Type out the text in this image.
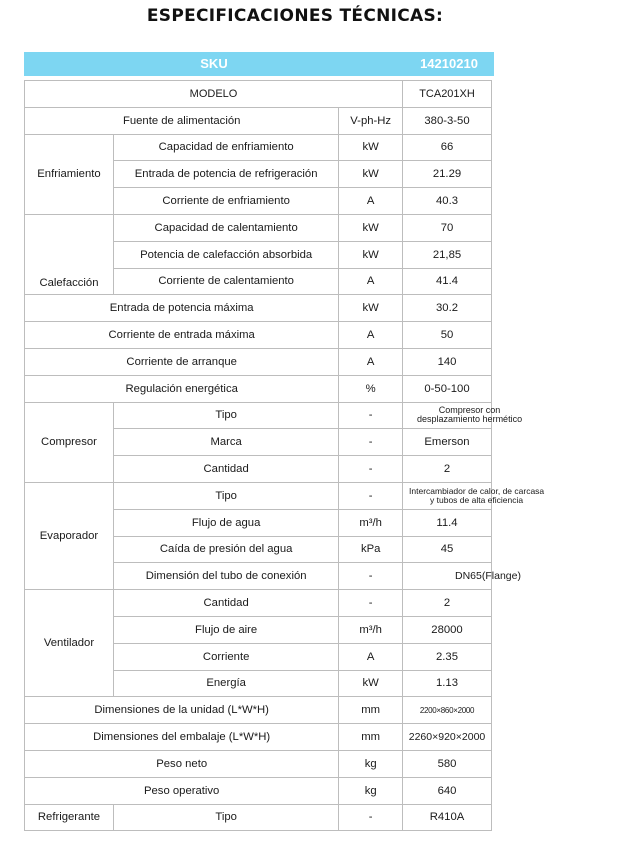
ESPECIFICACIONES TÉCNICAS:
SKU	14210210
MODELO			TCA201XH
Fuente de alimentación		V-ph-Hz	380-3-50
Enfriamiento	Capacidad de enfriamiento	kW	66
	Entrada de potencia de refrigeración	kW	21.29
	Corriente de enfriamiento	A	40.3
Calefacción	Capacidad de calentamiento	kW	70
	Potencia de calefacción absorbida	kW	21,85
	Corriente de calentamiento	A	41.4
Entrada de potencia máxima		kW	30.2
Corriente de entrada máxima		A	50
Corriente de arranque		A	140
Regulación energética		%	0-50-100
Compresor	Tipo	-	Compresor con
desplazamiento hermético

	Marca	-	Emerson
	Cantidad	-	2
Evaporador	Tipo	-	Intercambiador de calor, de carcasa
y tubos de alta eficiencia

	Flujo de agua	m³/h	11.4
	Caída de presión del agua	kPa	45
	Dimensión del tubo de conexión	-	DN65(Flange)

Ventilador	Cantidad	-	2
	Flujo de aire	m³/h	28000
	Corriente	A	2.35
	Energía	kW	1.13
Dimensiones de la unidad (L*W*H)		mm	2200×860×2000
Dimensiones del embalaje (L*W*H)		mm	2260×920×2000
Peso neto		kg	580
Peso operativo		kg	640
Refrigerante	Tipo	-	R410A
